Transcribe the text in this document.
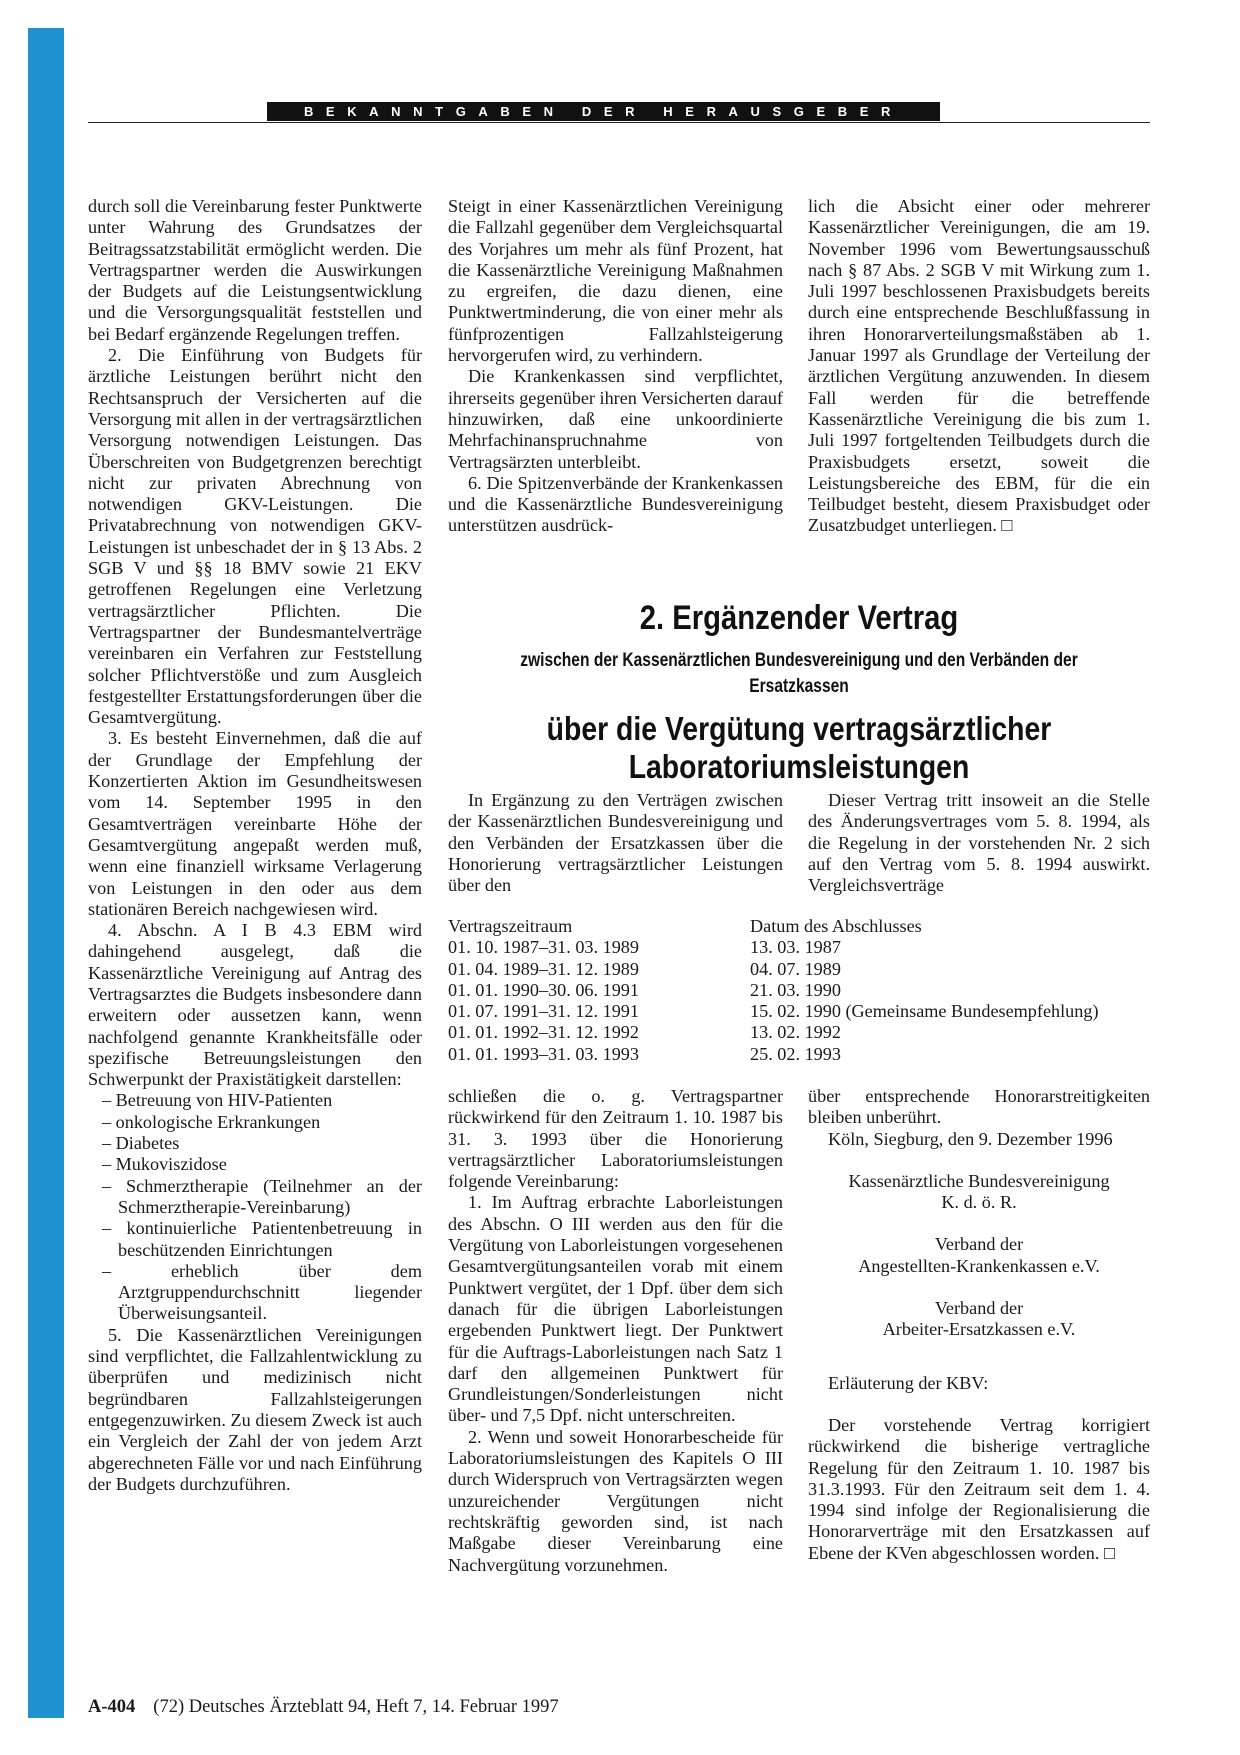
BEKANNTGABEN DER HERAUSGEBER

durch soll die Vereinbarung fester Punktwerte unter Wahrung des Grundsatzes der Beitragssatzstabilität ermöglicht werden. Die Vertragspartner werden die Auswirkungen der Budgets auf die Leistungsentwicklung und die Versorgungsqualität feststellen und bei Bedarf ergänzende Regelungen treffen.

2. Die Einführung von Budgets für ärztliche Leistungen berührt nicht den Rechtsanspruch der Versicherten auf die Versorgung mit allen in der vertragsärztlichen Versorgung notwendigen Leistungen. Das Überschreiten von Budgetgrenzen berechtigt nicht zur privaten Abrechnung von notwendigen GKV-Leistungen. Die Privatabrechnung von notwendigen GKV-Leistungen ist unbeschadet der in § 13 Abs. 2 SGB V und §§ 18 BMV sowie 21 EKV getroffenen Regelungen eine Verletzung vertragsärztlicher Pflichten. Die Vertragspartner der Bundesmantelverträge vereinbaren ein Verfahren zur Feststellung solcher Pflichtverstöße und zum Ausgleich festgestellter Erstattungsforderungen über die Gesamtvergütung.

3. Es besteht Einvernehmen, daß die auf der Grundlage der Empfehlung der Konzertierten Aktion im Gesundheitswesen vom 14. September 1995 in den Gesamtverträgen vereinbarte Höhe der Gesamtvergütung angepaßt werden muß, wenn eine finanziell wirksame Verlagerung von Leistungen in den oder aus dem stationären Bereich nachgewiesen wird.

4. Abschn. A I B 4.3 EBM wird dahingehend ausgelegt, daß die Kassenärztliche Vereinigung auf Antrag des Vertragsarztes die Budgets insbesondere dann erweitern oder aussetzen kann, wenn nachfolgend genannte Krankheitsfälle oder spezifische Betreuungsleistungen den Schwerpunkt der Praxistätigkeit darstellen:

– Betreuung von HIV-Patienten
– onkologische Erkrankungen
– Diabetes
– Mukoviszidose
– Schmerztherapie (Teilnehmer an der Schmerztherapie-Vereinbarung)
– kontinuierliche Patientenbetreuung in beschützenden Einrichtungen
– erheblich über dem Arztgruppendurchschnitt liegender Überweisungsanteil.

5. Die Kassenärztlichen Vereinigungen sind verpflichtet, die Fallzahlentwicklung zu überprüfen und medizinisch nicht begründbaren Fallzahlsteigerungen entgegenzuwirken. Zu diesem Zweck ist auch ein Vergleich der Zahl der von jedem Arzt abgerechneten Fälle vor und nach Einführung der Budgets durchzuführen.

Steigt in einer Kassenärztlichen Vereinigung die Fallzahl gegenüber dem Vergleichsquartal des Vorjahres um mehr als fünf Prozent, hat die Kassenärztliche Vereinigung Maßnahmen zu ergreifen, die dazu dienen, eine Punktwertminderung, die von einer mehr als fünfprozentigen Fallzahlsteigerung hervorgerufen wird, zu verhindern.

Die Krankenkassen sind verpflichtet, ihrerseits gegenüber ihren Versicherten darauf hinzuwirken, daß eine unkoordinierte Mehrfachinanspruchnahme von Vertragsärzten unterbleibt.

6. Die Spitzenverbände der Krankenkassen und die Kassenärztliche Bundesvereinigung unterstützen ausdrück-

lich die Absicht einer oder mehrerer Kassenärztlicher Vereinigungen, die am 19. November 1996 vom Bewertungsausschuß nach § 87 Abs. 2 SGB V mit Wirkung zum 1. Juli 1997 beschlossenen Praxisbudgets bereits durch eine entsprechende Beschlußfassung in ihren Honorarverteilungsmaßstäben ab 1. Januar 1997 als Grundlage der Verteilung der ärztlichen Vergütung anzuwenden. In diesem Fall werden für die betreffende Kassenärztliche Vereinigung die bis zum 1. Juli 1997 fortgeltenden Teilbudgets durch die Praxisbudgets ersetzt, soweit die Leistungsbereiche des EBM, für die ein Teilbudget besteht, diesem Praxisbudget oder Zusatzbudget unterliegen. □

2. Ergänzender Vertrag
zwischen der Kassenärztlichen Bundesvereinigung und den Verbänden der Ersatzkassen
über die Vergütung vertragsärztlicher Laboratoriumsleistungen

In Ergänzung zu den Verträgen zwischen der Kassenärztlichen Bundesvereinigung und den Verbänden der Ersatzkassen über die Honorierung vertragsärztlicher Leistungen über den

Dieser Vertrag tritt insoweit an die Stelle des Änderungsvertrages vom 5. 8. 1994, als die Regelung in der vorstehenden Nr. 2 sich auf den Vertrag vom 5. 8. 1994 auswirkt. Vergleichsverträge

Vertragszeitraum	Datum des Abschlusses
01. 10. 1987–31. 03. 1989	13. 03. 1987
01. 04. 1989–31. 12. 1989	04. 07. 1989
01. 01. 1990–30. 06. 1991	21. 03. 1990
01. 07. 1991–31. 12. 1991	15. 02. 1990 (Gemeinsame Bundesempfehlung)
01. 01. 1992–31. 12. 1992	13. 02. 1992
01. 01. 1993–31. 03. 1993	25. 02. 1993

schließen die o. g. Vertragspartner rückwirkend für den Zeitraum 1. 10. 1987 bis 31. 3. 1993 über die Honorierung vertragsärztlicher Laboratoriumsleistungen folgende Vereinbarung:

1. Im Auftrag erbrachte Laborleistungen des Abschn. O III werden aus den für die Vergütung von Laborleistungen vorgesehenen Gesamtvergütungsanteilen vorab mit einem Punktwert vergütet, der 1 Dpf. über dem sich danach für die übrigen Laborleistungen ergebenden Punktwert liegt. Der Punktwert für die Auftrags-Laborleistungen nach Satz 1 darf den allgemeinen Punktwert für Grundleistungen/Sonderleistungen nicht über- und 7,5 Dpf. nicht unterschreiten.

2. Wenn und soweit Honorarbescheide für Laboratoriumsleistungen des Kapitels O III durch Widerspruch von Vertragsärzten wegen unzureichender Vergütungen nicht rechtskräftig geworden sind, ist nach Maßgabe dieser Vereinbarung eine Nachvergütung vorzunehmen.

über entsprechende Honorarstreitigkeiten bleiben unberührt.

Köln, Siegburg, den 9. Dezember 1996

Kassenärztliche Bundesvereinigung

K. d. ö. R.

Verband der

Angestellten-Krankenkassen e.V.

Verband der

Arbeiter-Ersatzkassen e.V.

Erläuterung der KBV:

Der vorstehende Vertrag korrigiert rückwirkend die bisherige vertragliche Regelung für den Zeitraum 1. 10. 1987 bis 31.3.1993. Für den Zeitraum seit dem 1. 4. 1994 sind infolge der Regionalisierung die Honorarverträge mit den Ersatzkassen auf Ebene der KVen abgeschlossen worden. □

A-404 (72) Deutsches Ärzteblatt 94, Heft 7, 14. Februar 1997
